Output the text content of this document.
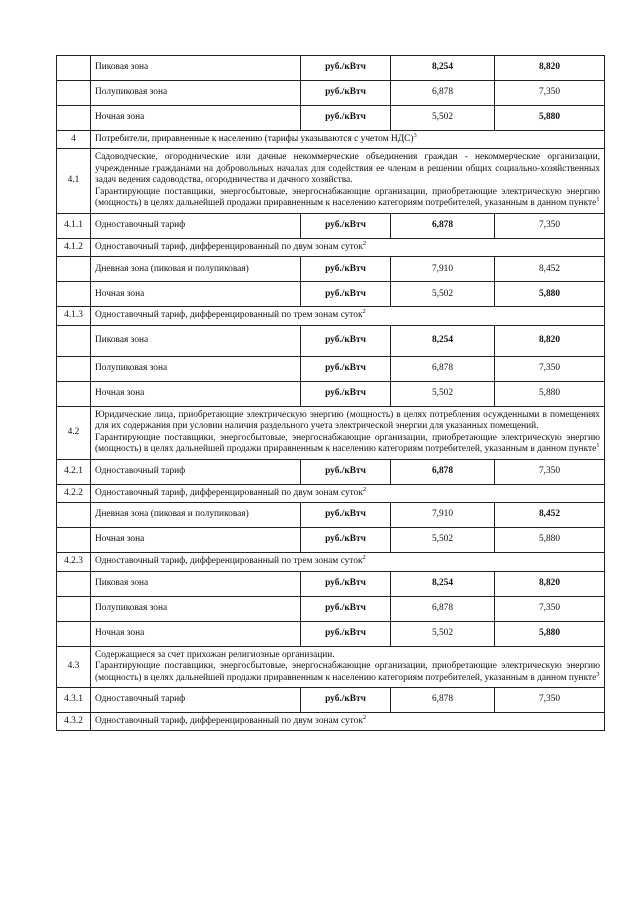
	Пиковая зона	руб./кВтч	8,254	8,820
	Полупиковая зона	руб./кВтч	6,878	7,350
	Ночная зона	руб./кВтч	5,502	5,880
4	Потребители, приравненные к населению (тарифы указываются с учетом НДС)$^3$
4.1	Садоводческие, огороднические или дачные некоммерческие объединения граждан - некоммерческие организации, учрежденные гражданами на добровольных началах для содействия ее членам в решении общих социально-хозяйственных задач ведения садоводства, огородничества и дачного хозяйства.
Гарантирующие поставщики, энергосбытовые, энергоснабжающие организации, приобретающие электрическую энергию (мощность) в целях дальнейшей продажи приравненным к населению категориям потребителей, указанным в данном пункте$^1$
4.1.1	Одноставочный тариф	руб./кВтч	6,878	7,350
4.1.2	Одноставочный тариф, дифференцированный по двум зонам суток$^2$
	Дневная зона (пиковая и полупиковая)	руб./кВтч	7,910	8,452
	Ночная зона	руб./кВтч	5,502	5,880
4.1.3	Одноставочный тариф, дифференцированный по трем зонам суток$^2$
	Пиковая зона	руб./кВтч	8,254	8,820
	Полупиковая зона	руб./кВтч	6,878	7,350
	Ночная зона	руб./кВтч	5,502	5,880
4.2	Юридические лица, приобретающие электрическую энергию (мощность) в целях потребления осужденными в помещениях для их содержания при условии наличия раздельного учета электрической энергии для указанных помещений.
Гарантирующие поставщики, энергосбытовые, энергоснабжающие организации, приобретающие электрическую энергию (мощность) в целях дальнейшей продажи приравненным к населению категориям потребителей, указанным в данном пункте$^1$
4.2.1	Одноставочный тариф	руб./кВтч	6,878	7,350
4.2.2	Одноставочный тариф, дифференцированный по двум зонам суток$^2$
	Дневная зона (пиковая и полупиковая)	руб./кВтч	7,910	8,452
	Ночная зона	руб./кВтч	5,502	5,880
4.2.3	Одноставочный тариф, дифференцированный по трем зонам суток$^2$
	Пиковая зона	руб./кВтч	8,254	8,820
	Полупиковая зона	руб./кВтч	6,878	7,350
	Ночная зона	руб./кВтч	5,502	5,880
4.3	Содержащиеся за счет прихожан религиозные организации.
Гарантирующие поставщики, энергосбытовые, энергоснабжающие организации, приобретающие электрическую энергию (мощность) в целях дальнейшей продажи приравненным к населению категориям потребителей, указанным в данном пункте$^3$
4.3.1	Одноставочный тариф	руб./кВтч	6,878	7,350
4.3.2	Одноставочный тариф, дифференцированный по двум зонам суток$^2$
